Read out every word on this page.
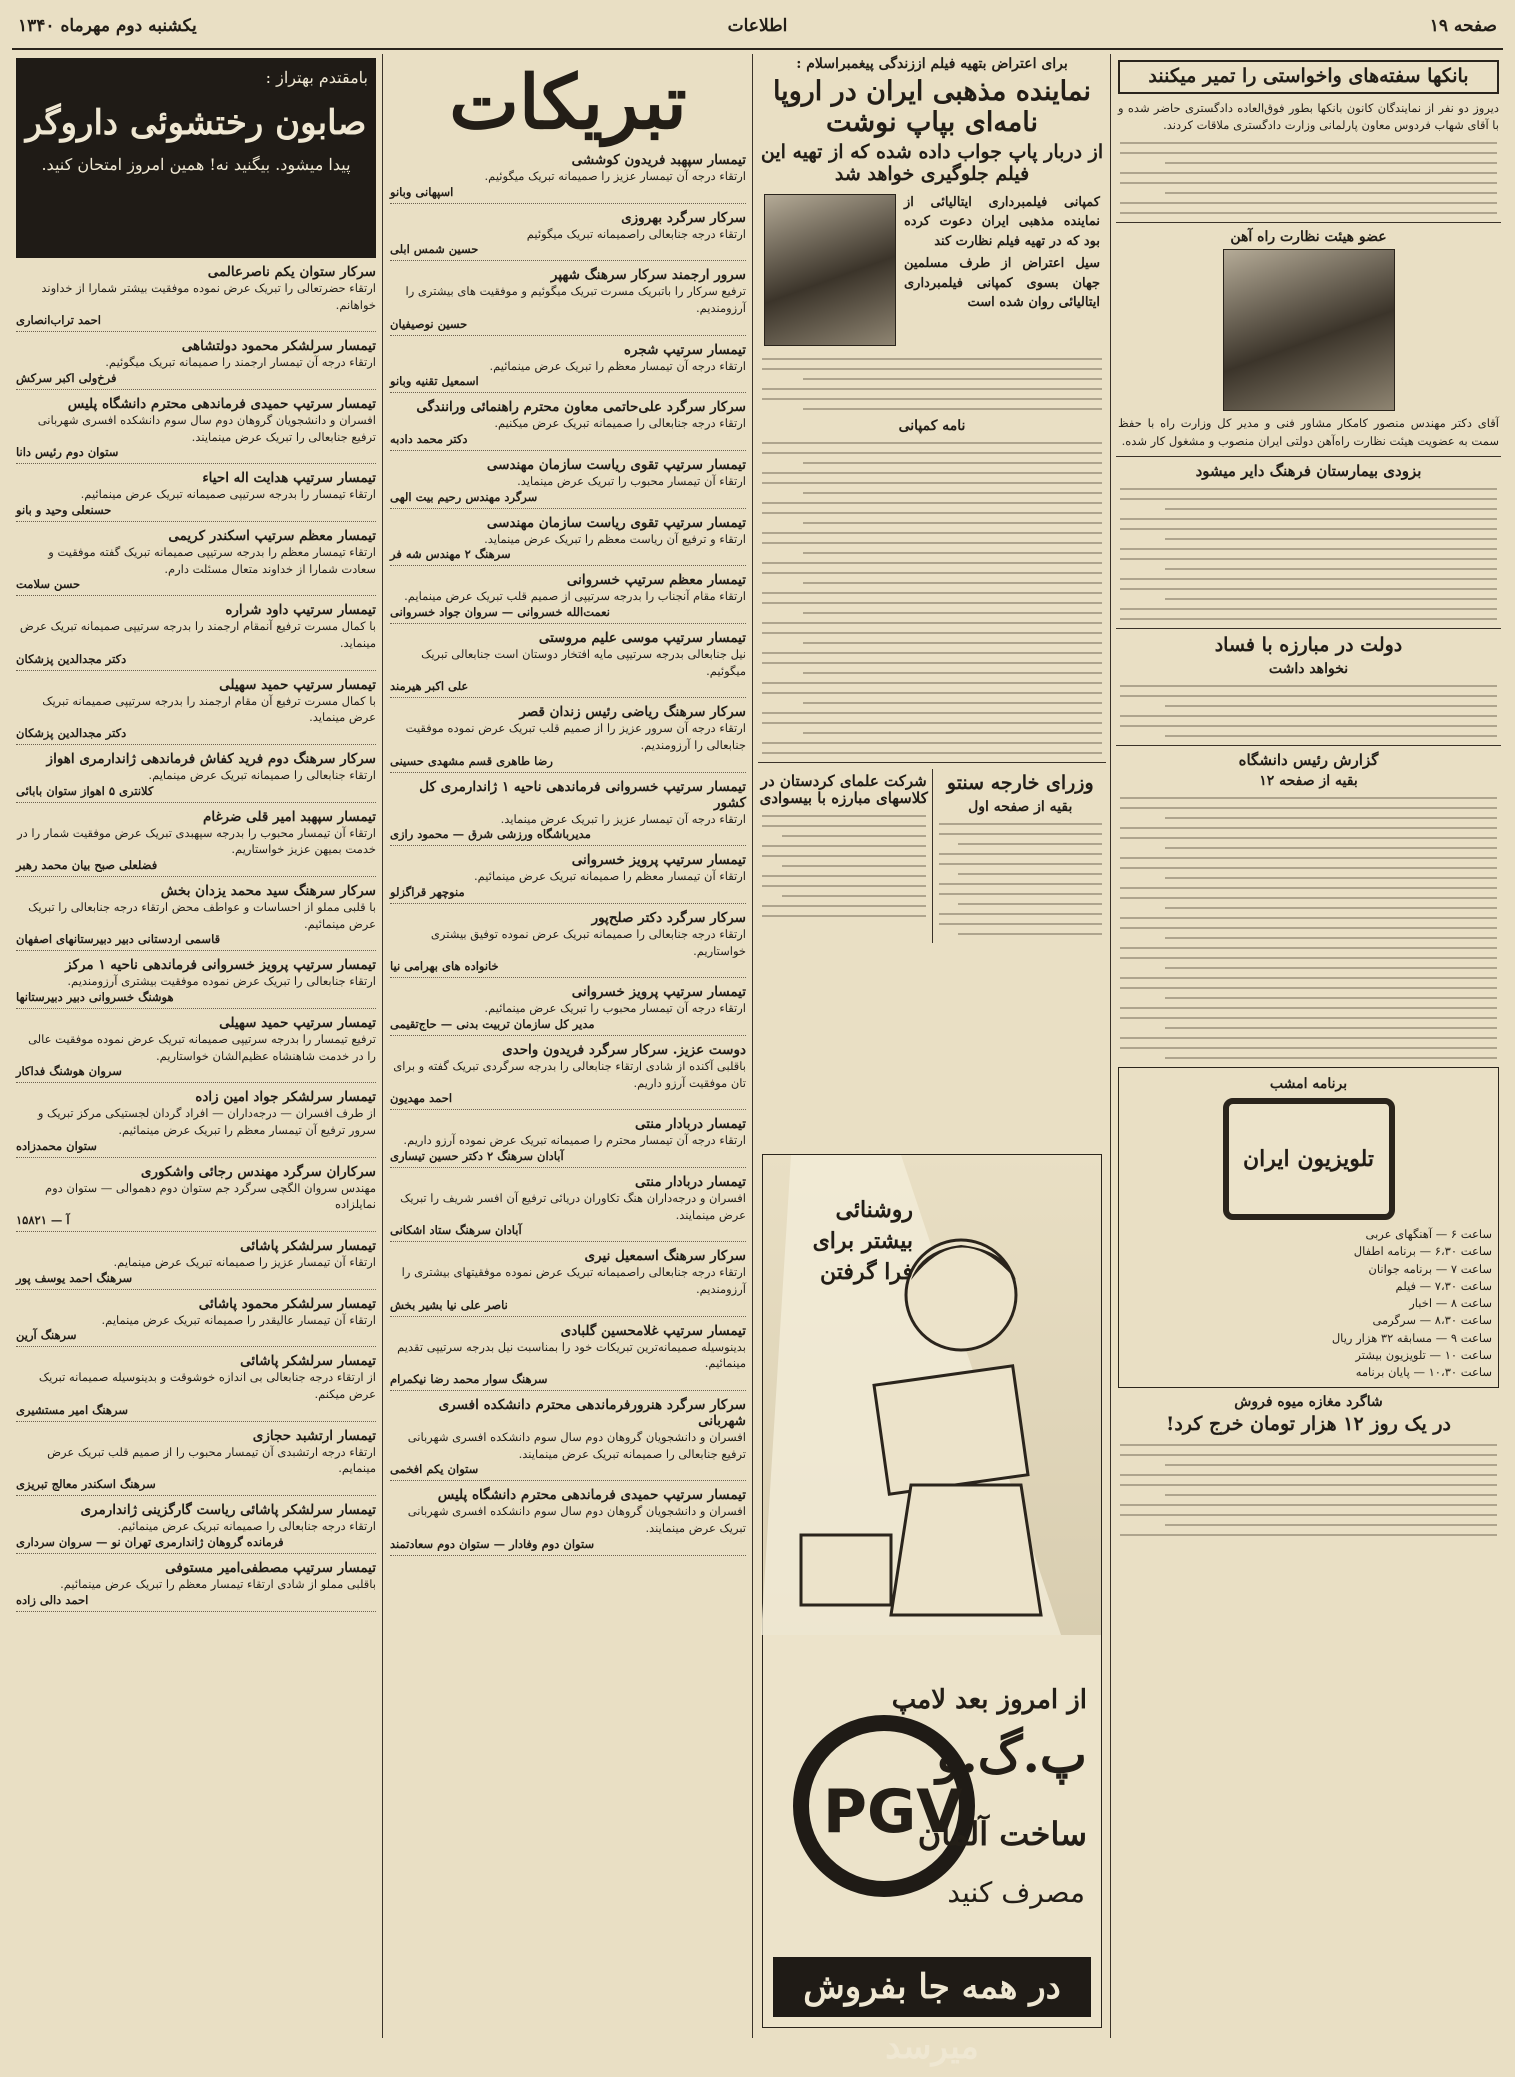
صفحه ۱۹
اطلاعات
یکشنبه دوم مهرماه ۱۳۴۰
بانکها سفته‌های واخواستی را تمیر میکنند
دیروز دو نفر از نمایندگان کانون بانکها بطور فوق‌العاده دادگستری حاضر شده و با آقای شهاب فردوس معاون پارلمانی وزارت دادگستری ملاقات کردند.
عضو هیئت نظارت راه آهن
آقای دکتر مهندس منصور کامکار مشاور فنی و مدیر کل وزارت راه با حفظ سمت به عضویت هیئت نظارت راه‌آهن دولتی ایران منصوب و مشغول کار شده.
بزودی بیمارستان فرهنگ دایر میشود
دولت در مبارزه با فساد
نخواهد داشت
گزارش رئیس دانشگاه
بقیه از صفحه ۱۲
برنامه امشب
تلویزیون ایران
ساعت ۶ — آهنگهای عربی
ساعت ۶،۳۰ — برنامه اطفال
ساعت ۷ — برنامه جوانان
ساعت ۷،۳۰ — فیلم
ساعت ۸ — اخبار
ساعت ۸،۳۰ — سرگرمی
ساعت ۹ — مسابقه ۳۲ هزار ریال
ساعت ۱۰ — تلویزیون بیشتر
ساعت ۱۰،۳۰ — پایان برنامه
شاگرد مغازه میوه فروش
در یک روز ۱۲ هزار تومان خرج کرد!
برای اعتراض بتهیه فیلم اززندگی پیغمبراسلام :
نماینده مذهبی ایران در اروپا نامه‌ای بپاپ نوشت
از دربار پاپ جواب داده شده که از تهیه این فیلم جلوگیری خواهد شد
کمپانی فیلمبرداری ایتالیائی از نماینده مذهبی ایران دعوت کرده بود که در تهیه فیلم نظارت کند
سیل اعتراض از طرف مسلمین جهان بسوی کمپانی فیلمبرداری ایتالیائی روان شده است
نامه کمپانی
وزرای خارجه سنتو
بقیه از صفحه اول
شرکت علمای کردستان در کلاسهای مبارزه با بیسوادی
روشنائی بیشتر برای فرا گرفتن
از امروز بعد لامپ
پ.گ.و
PGV
ساخت آلمان
مصرف کنید
در همه جا بفروش میرسد
تبریکات
تیمسار سپهبد فریدون کوششی
ارتقاء درجه آن تیمسار عزیز را صمیمانه تبریک میگوئیم.
اسپهانی وبانو
سرکار سرگرد بهروزی
ارتقاء درجه جنابعالی راصمیمانه تبریک میگوئیم
حسین شمس ابلی
سرور ارجمند سرکار سرهنگ شهپر
ترفیع سرکار را باتبریک مسرت تبریک میگوئیم و موفقیت های بیشتری را آرزومندیم.
حسین نوصیفیان
تیمسار سرتیپ شجره
ارتقاء درجه آن تیمسار معظم را تبریک عرض مینمائیم.
اسمعیل تقنیه وبانو
سرکار سرگرد علی‌حاتمی معاون محترم راهنمائی ورانندگی
ارتقاء درجه جنابعالی را صمیمانه تبریک عرض میکنیم.
دکتر محمد دادبه
تیمسار سرتیپ تقوی ریاست سازمان مهندسی
ارتقاء آن تیمسار محبوب را تبریک عرض مینماید.
سرگرد مهندس رحیم بیت الهی
تیمسار سرتیپ تقوی ریاست سازمان مهندسی
ارتقاء و ترفیع آن ریاست معظم را تبریک عرض مینماید.
سرهنگ ۲ مهندس شه فر
تیمسار معظم سرتیپ خسروانی
ارتقاء مقام آنجناب را بدرجه سرتیپی از صمیم قلب تبریک عرض مینمایم.
نعمت‌الله خسروانی — سروان جواد خسروانی
تیمسار سرتیپ موسی علیم مروستی
نیل جنابعالی بدرجه سرتیپی مایه افتخار دوستان است جنابعالی تبریک میگوئیم.
علی اکبر هیرمند
سرکار سرهنگ ریاضی رئیس زندان قصر
ارتقاء درجه آن سرور عزیز را از صمیم قلب تبریک عرض نموده موفقیت جنابعالی را آرزومندیم.
رضا طاهری قسم مشهدی حسینی
تیمسار سرتیپ خسروانی فرماندهی ناحیه ۱ ژاندارمری کل کشور
ارتقاء درجه آن تیمسار عزیز را تبریک عرض مینماید.
مدیرباشگاه ورزشی شرق — محمود رازی
تیمسار سرتیپ پرویز خسروانی
ارتقاء آن تیمسار معظم را صمیمانه تبریک عرض مینمائیم.
منوچهر قراگزلو
سرکار سرگرد دکتر صلح‌پور
ارتقاء درجه جنابعالی را صمیمانه تبریک عرض نموده توفیق بیشتری خواستاریم.
خانواده های بهرامی نیا
تیمسار سرتیپ پرویز خسروانی
ارتقاء درجه آن تیمسار محبوب را تبریک عرض مینمائیم.
مدیر کل سازمان تربیت بدنی — حاج‌تقیمی
دوست عزیز. سرکار سرگرد فریدون واحدی
باقلبی آکنده از شادی ارتقاء جنابعالی را بدرجه سرگردی تبریک گفته و برای تان موفقیت آرزو داریم.
احمد مهدیون
تیمسار دربادار منتی
ارتقاء درجه آن تیمسار محترم را صمیمانه تبریک عرض نموده آرزو داریم.
آبادان سرهنگ ۲ دکتر حسین تیساری
تیمسار دربادار منتی
افسران و درجه‌داران هنگ تکاوران دریائی ترفیع آن افسر شریف را تبریک عرض مینمایند.
آبادان سرهنگ ستاد اشکانی
سرکار سرهنگ اسمعیل نیری
ارتقاء درجه جنابعالی راصمیمانه تبریک عرض نموده موفقیتهای بیشتری را آرزومندیم.
ناصر علی نیا بشیر بخش
تیمسار سرتیپ غلامحسین گلبادی
بدینوسیله صمیمانه‌ترین تبریکات خود را بمناسبت نیل بدرجه سرتیپی تقدیم مینمائیم.
سرهنگ سوار محمد رضا نیکمرام
سرکار سرگرد هنرورفرماندهی محترم دانشکده افسری شهربانی
افسران و دانشجویان گروهان دوم سال سوم دانشکده افسری شهربانی ترفیع جنابعالی را صمیمانه تبریک عرض مینمایند.
ستوان یکم افخمی
تیمسار سرتیپ حمیدی فرماندهی محترم دانشگاه پلیس
افسران و دانشجویان گروهان دوم سال سوم دانشکده افسری شهربانی تبریک عرض مینمایند.
ستوان دوم وفادار — ستوان دوم سعادتمند
بامقتدم بهتراز :
صابون رختشوئی داروگر
پیدا میشود. بیگنید نه! همین امروز امتحان کنید.
سرکار ستوان یکم ناصرعالمی
ارتقاء حضرتعالی را تبریک عرض نموده موفقیت بیشتر شمارا از خداوند خواهانم.
احمد تراب‌انصاری
تیمسار سرلشکر محمود دولتشاهی
ارتقاء درجه آن تیمسار ارجمند را صمیمانه تبریک میگوئیم.
فرخ‌ولی اکبر سرکش
تیمسار سرتیپ حمیدی فرماندهی محترم دانشگاه پلیس
افسران و دانشجویان گروهان دوم سال سوم دانشکده افسری شهربانی ترفیع جنابعالی را تبریک عرض مینمایند.
ستوان دوم رئیس دانا
تیمسار سرتیپ هدایت اله احیاء
ارتقاء تیمسار را بدرجه سرتیپی صمیمانه تبریک عرض مینمائیم.
حسنعلی وحید و بانو
تیمسار معظم سرتیپ اسکندر کریمی
ارتقاء تیمسار معظم را بدرجه سرتیپی صمیمانه تبریک گفته موفقیت و سعادت شمارا از خداوند متعال مسئلت دارم.
حسن سلامت
تیمسار سرتیپ داود شراره
با کمال مسرت ترفیع آنمقام ارجمند را بدرجه سرتیپی صمیمانه تبریک عرض مینماید.
دکتر مجدالدین پزشکان
تیمسار سرتیپ حمید سهیلی
با کمال مسرت ترفیع آن مقام ارجمند را بدرجه سرتیپی صمیمانه تبریک عرض مینماید.
دکتر مجدالدین پزشکان
سرکار سرهنگ دوم فرید کفاش فرماندهی ژاندارمری اهواز
ارتقاء جنابعالی را صمیمانه تبریک عرض مینمایم.
کلانتری ۵ اهواز ستوان بابائی
تیمسار سپهبد امیر قلی ضرغام
ارتقاء آن تیمسار محبوب را بدرجه سپهبدی تبریک عرض موفقیت شمار را در خدمت بمیهن عزیز خواستاریم.
فضلعلی صبح بیان محمد رهبر
سرکار سرهنگ سید محمد یزدان بخش
با قلبی مملو از احساسات و عواطف محض ارتقاء درجه جنابعالی را تبریک عرض مینمائیم.
قاسمی اردستانی دبیر دبیرستانهای اصفهان
تیمسار سرتیپ پرویز خسروانی فرماندهی ناحیه ۱ مرکز
ارتقاء جنابعالی را تبریک عرض نموده موفقیت بیشتری آرزومندیم.
هوشنگ خسروانی دبیر دبیرستانها
تیمسار سرتیپ حمید سهیلی
ترفیع تیمسار را بدرجه سرتیپی صمیمانه تبریک عرض نموده موفقیت عالی را در خدمت شاهنشاه عظیم‌الشان خواستاریم.
سروان هوشنگ فداکار
تیمسار سرلشکر جواد امین زاده
از طرف افسران — درجه‌داران — افراد گردان لجستیکی مرکز تبریک و سرور ترفیع آن تیمسار معظم را تبریک عرض مینمائیم.
ستوان محمدزاده
سرکاران سرگرد مهندس رجائی واشکوری
مهندس سروان الگچی سرگرد جم ستوان دوم دهموالی — ستوان دوم نمایلزاده
آ — ۱۵۸۲۱
تیمسار سرلشکر پاشائی
ارتقاء آن تیمسار عزیز را صمیمانه تبریک عرض مینمایم.
سرهنگ احمد یوسف پور
تیمسار سرلشکر محمود پاشائی
ارتقاء آن تیمسار عالیقدر را صمیمانه تبریک عرض مینمایم.
سرهنگ آرین
تیمسار سرلشکر پاشائی
از ارتقاء درجه جنابعالی بی اندازه خوشوقت و بدینوسیله صمیمانه تبریک عرض میکنم.
سرهنگ امیر مستشیری
تیمسار ارتشبد حجازی
ارتقاء درجه ارتشبدی آن تیمسار محبوب را از صمیم قلب تبریک عرض مینمایم.
سرهنگ اسکندر معالج تبریزی
تیمسار سرلشکر پاشائی ریاست گارگزینی ژاندارمری
ارتقاء درجه جنابعالی را صمیمانه تبریک عرض مینمائیم.
فرمانده گروهان ژاندارمری تهران نو — سروان سرداری
تیمسار سرتیپ مصطفی‌امیر مستوفی
باقلبی مملو از شادی ارتقاء تیمسار معظم را تبریک عرض مینمائیم.
احمد دالی زاده
